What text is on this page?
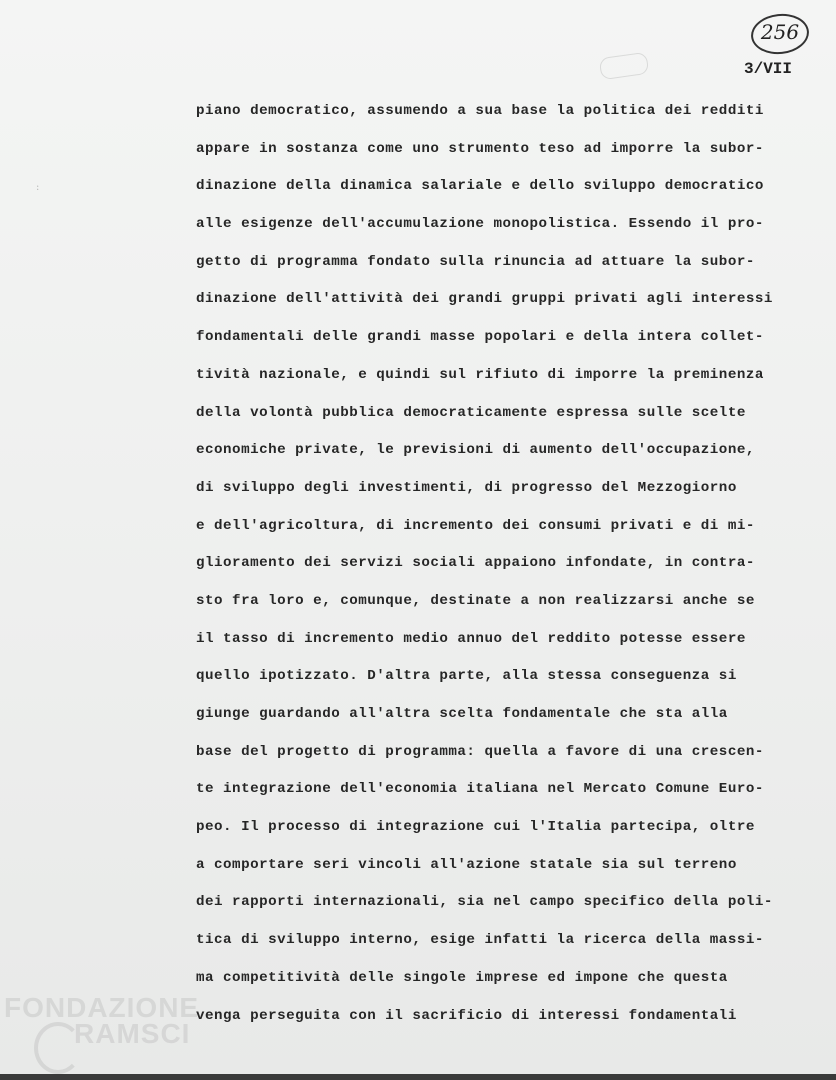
256
3/VII
:
piano democratico, assumendo a sua base la politica dei redditi
appare in sostanza come uno strumento teso ad imporre la subor-
dinazione della dinamica salariale e dello sviluppo democratico
alle esigenze dell'accumulazione monopolistica. Essendo il pro-
getto di programma fondato sulla rinuncia ad attuare la subor-
dinazione dell'attività dei grandi gruppi privati agli interessi
fondamentali delle grandi masse popolari e della intera collet-
tività nazionale, e quindi sul rifiuto di imporre la preminenza
della volontà pubblica democraticamente espressa sulle scelte
economiche private, le previsioni di aumento dell'occupazione,
di sviluppo degli investimenti, di progresso del Mezzogiorno
e dell'agricoltura, di incremento dei consumi privati e di mi-
glioramento dei servizi sociali appaiono infondate, in contra-
sto fra loro e, comunque, destinate a non realizzarsi anche se
il tasso di incremento medio annuo del reddito potesse essere
quello ipotizzato. D'altra parte, alla stessa conseguenza si
giunge guardando all'altra scelta fondamentale che sta alla
base del progetto di programma: quella a favore di una crescen-
te integrazione dell'economia italiana nel Mercato Comune Euro-
peo. Il processo di integrazione cui l'Italia partecipa, oltre
a comportare seri vincoli all'azione statale sia sul terreno
dei rapporti internazionali, sia nel campo specifico della poli-
tica di sviluppo interno, esige infatti la ricerca della massi-
ma competitività delle singole imprese ed impone che questa
venga perseguita con il sacrificio di interessi fondamentali
FONDAZIONE
RAMSCI
